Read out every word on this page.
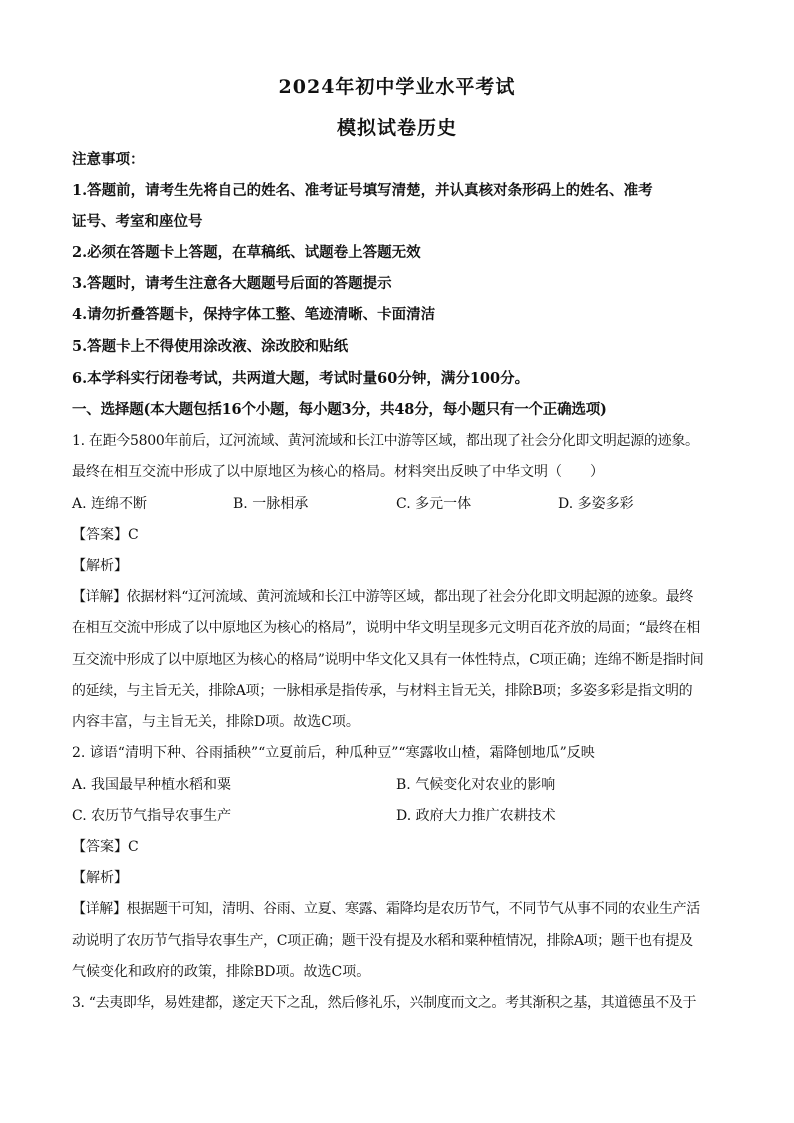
2024年初中学业水平考试
模拟试卷历史
注意事项：
1.答题前，请考生先将自己的姓名、准考证号填写清楚，并认真核对条形码上的姓名、准考
证号、考室和座位号
2.必须在答题卡上答题，在草稿纸、试题卷上答题无效
3.答题时，请考生注意各大题题号后面的答题提示
4.请勿折叠答题卡，保持字体工整、笔迹清晰、卡面清洁
5.答题卡上不得使用涂改液、涂改胶和贴纸
6.本学科实行闭卷考试，共两道大题，考试时量60分钟，满分100分。
一、选择题(本大题包括16个小题，每小题3分，共48分，每小题只有一个正确选项)
1. 在距今5800年前后，辽河流域、黄河流域和长江中游等区域，都出现了社会分化即文明起源的迹象。
最终在相互交流中形成了以中原地区为核心的格局。材料突出反映了中华文明（　　）
A. 连绵不断	B. 一脉相承	C. 多元一体	D. 多姿多彩
【答案】C
【解析】
【详解】依据材料“辽河流域、黄河流域和长江中游等区域，都出现了社会分化即文明起源的迹象。最终
在相互交流中形成了以中原地区为核心的格局”，说明中华文明呈现多元文明百花齐放的局面；“最终在相
互交流中形成了以中原地区为核心的格局”说明中华文化又具有一体性特点，C项正确；连绵不断是指时间
的延续，与主旨无关，排除A项；一脉相承是指传承，与材料主旨无关，排除B项；多姿多彩是指文明的
内容丰富，与主旨无关，排除D项。故选C项。
2. 谚语“清明下种、谷雨插秧”“立夏前后，种瓜种豆”“寒露收山楂，霜降刨地瓜”反映
A. 我国最早种植水稻和粟	B. 气候变化对农业的影响
C. 农历节气指导农事生产	D. 政府大力推广农耕技术
【答案】C
【解析】
【详解】根据题干可知，清明、谷雨、立夏、寒露、霜降均是农历节气，不同节气从事不同的农业生产活
动说明了农历节气指导农事生产，C项正确；题干没有提及水稻和粟种植情况，排除A项；题干也有提及
气候变化和政府的政策，排除BD项。故选C项。
3. “去夷即华，易姓建都，遂定天下之乱，然后修礼乐，兴制度而文之。考其渐积之基，其道德虽不及于
